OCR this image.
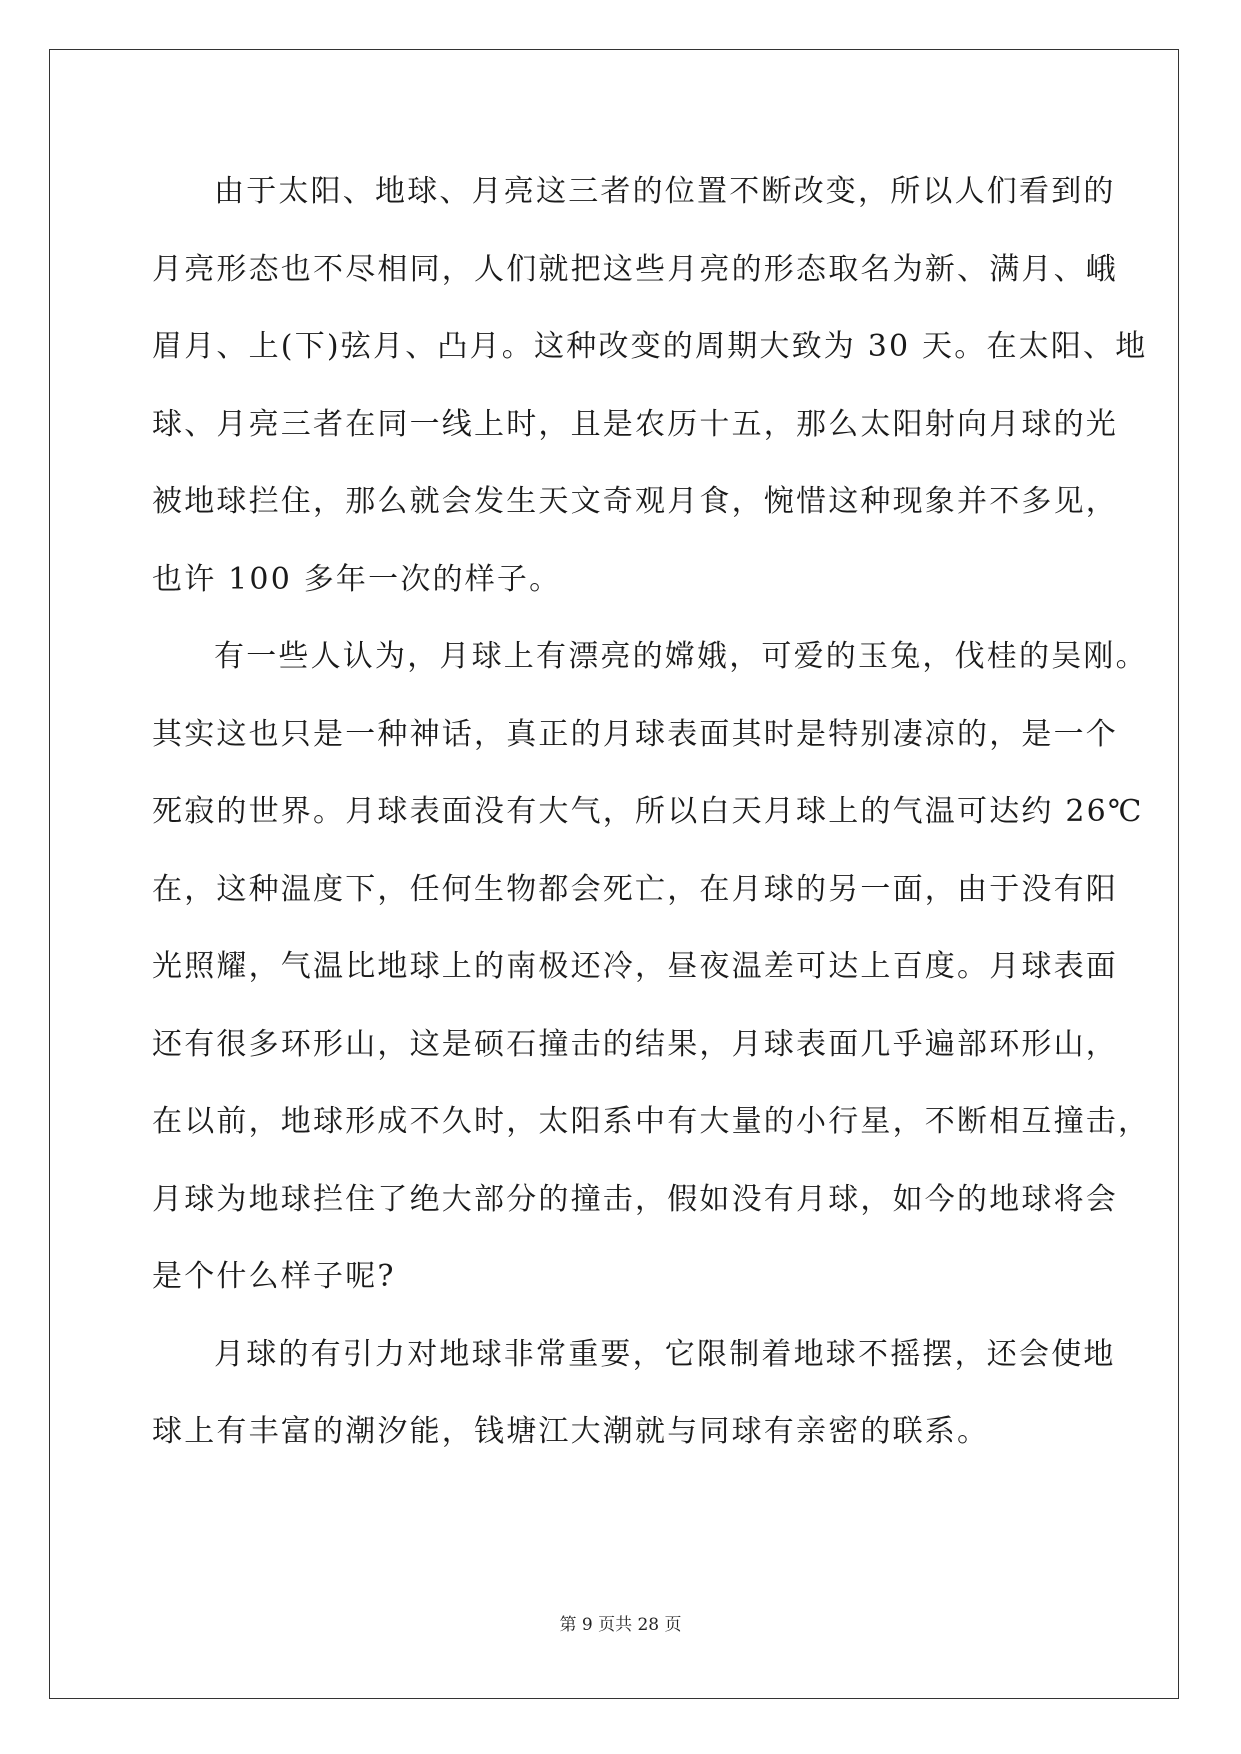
由于太阳、地球、月亮这三者的位置不断改变，所以人们看到的
月亮形态也不尽相同，人们就把这些月亮的形态取名为新、满月、峨
眉月、上(下)弦月、凸月。这种改变的周期大致为 30 天。在太阳、地
球、月亮三者在同一线上时，且是农历十五，那么太阳射向月球的光
被地球拦住，那么就会发生天文奇观月食，惋惜这种现象并不多见，
也许 100 多年一次的样子。
有一些人认为，月球上有漂亮的嫦娥，可爱的玉兔，伐桂的吴刚。
其实这也只是一种神话，真正的月球表面其时是特别凄凉的，是一个
死寂的世界。月球表面没有大气，所以白天月球上的气温可达约 26℃
在，这种温度下，任何生物都会死亡，在月球的另一面，由于没有阳
光照耀，气温比地球上的南极还冷，昼夜温差可达上百度。月球表面
还有很多环形山，这是硕石撞击的结果，月球表面几乎遍部环形山，
在以前，地球形成不久时，太阳系中有大量的小行星，不断相互撞击，
月球为地球拦住了绝大部分的撞击，假如没有月球，如今的地球将会
是个什么样子呢?
月球的有引力对地球非常重要，它限制着地球不摇摆，还会使地
球上有丰富的潮汐能，钱塘江大潮就与同球有亲密的联系。
第 9 页共 28 页
